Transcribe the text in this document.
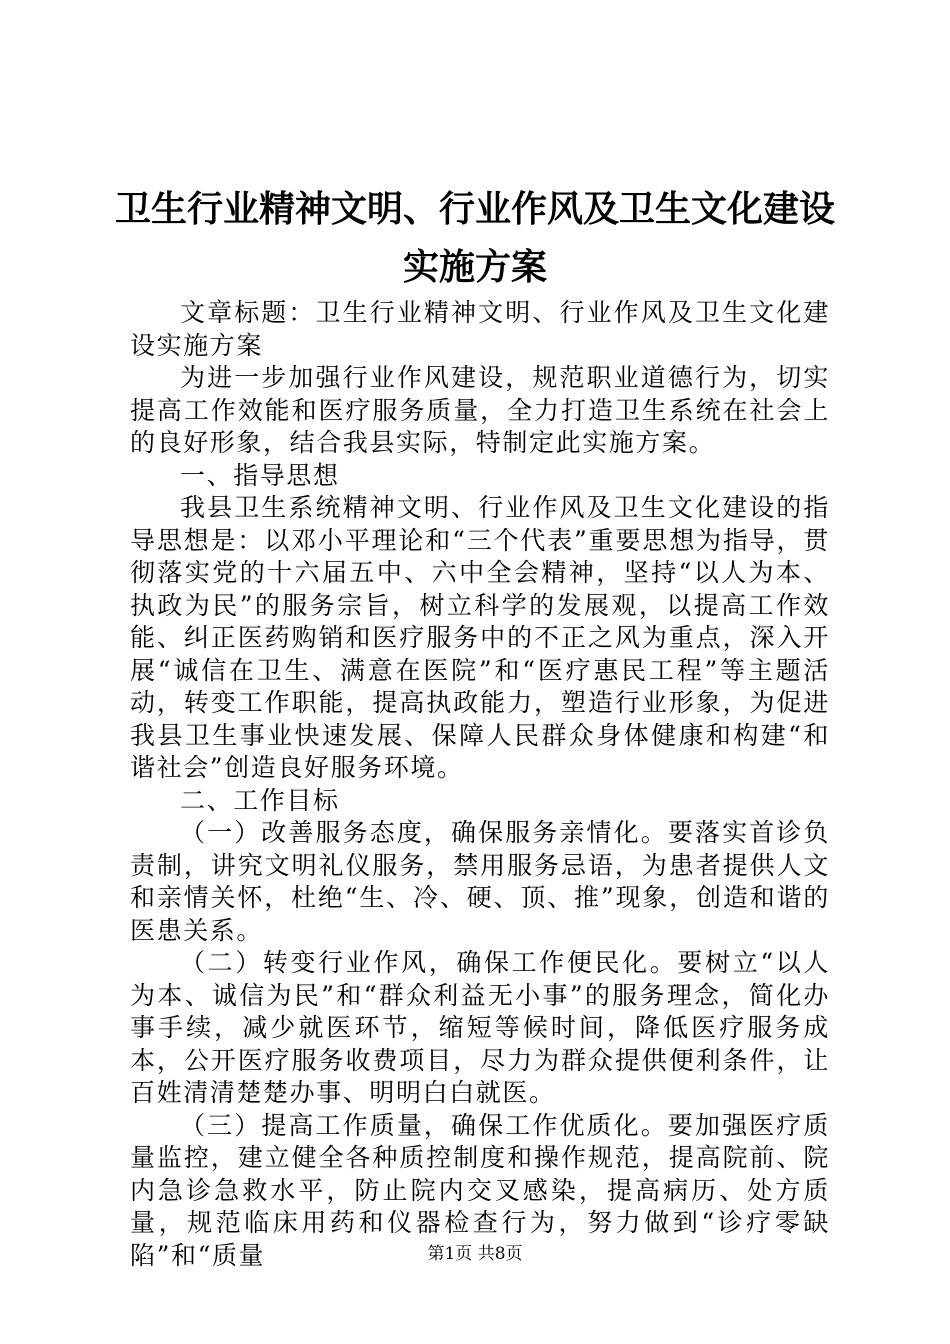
卫生行业精神文明、行业作风及卫生文化建设
实施方案

文章标题：卫生行业精神文明、行业作风及卫生文化建设实施方案

为进一步加强行业作风建设，规范职业道德行为，切实提高工作效能和医疗服务质量，全力打造卫生系统在社会上的良好形象，结合我县实际，特制定此实施方案。

一、指导思想

我县卫生系统精神文明、行业作风及卫生文化建设的指导思想是：以邓小平理论和“三个代表”重要思想为指导，贯彻落实党的十六届五中、六中全会精神，坚持“以人为本、执政为民”的服务宗旨，树立科学的发展观，以提高工作效能、纠正医药购销和医疗服务中的不正之风为重点，深入开展“诚信在卫生、满意在医院”和“医疗惠民工程”等主题活动，转变工作职能，提高执政能力，塑造行业形象，为促进我县卫生事业快速发展、保障人民群众身体健康和构建“和谐社会”创造良好服务环境。

二、工作目标

（一）改善服务态度，确保服务亲情化。要落实首诊负责制，讲究文明礼仪服务，禁用服务忌语，为患者提供人文和亲情关怀，杜绝“生、冷、硬、顶、推”现象，创造和谐的医患关系。

（二）转变行业作风，确保工作便民化。要树立“以人为本、诚信为民”和“群众利益无小事”的服务理念，简化办事手续，减少就医环节，缩短等候时间，降低医疗服务成本，公开医疗服务收费项目，尽力为群众提供便利条件，让百姓清清楚楚办事、明明白白就医。

（三）提高工作质量，确保工作优质化。要加强医疗质量监控，建立健全各种质控制度和操作规范，提高院前、院内急诊急救水平，防止院内交叉感染，提高病历、处方质量，规范临床用药和仪器检查行为，努力做到“诊疗零缺陷”和“质量	第1页 共8页
